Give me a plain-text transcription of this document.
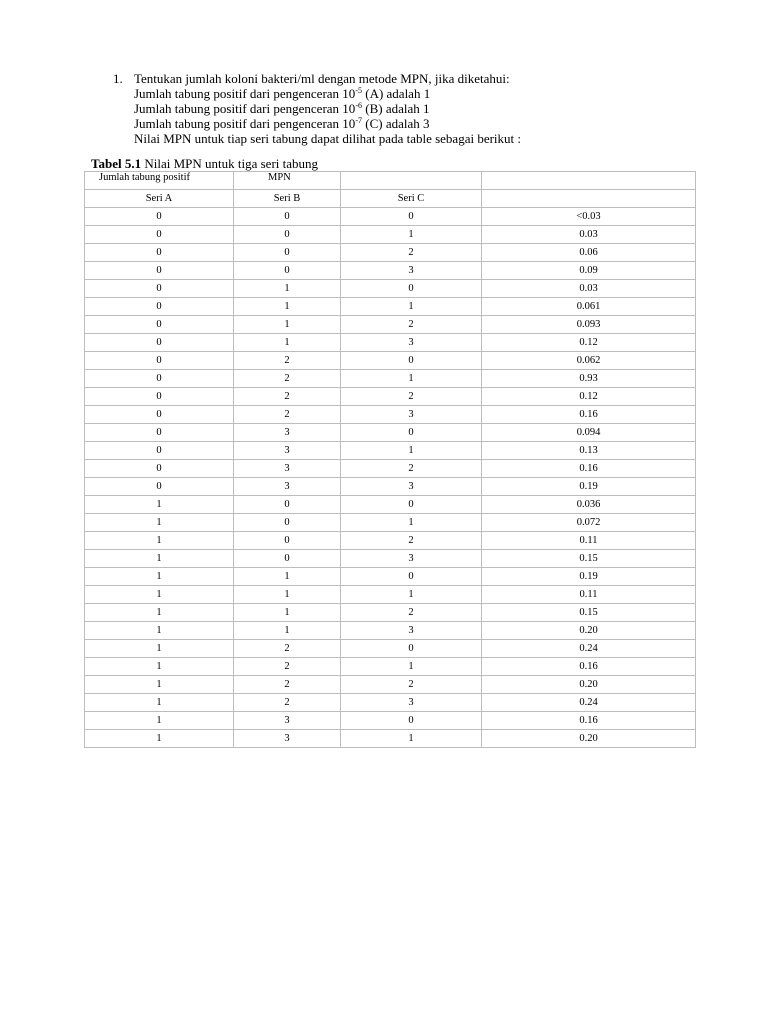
1. Tentukan jumlah koloni bakteri/ml dengan metode MPN, jika diketahui:
Jumlah tabung positif dari pengenceran $10^{-5}$ (A) adalah 1
Jumlah tabung positif dari pengenceran $10^{-6}$ (B) adalah 1
Jumlah tabung positif dari pengenceran $10^{-7}$ (C) adalah 3
Nilai MPN untuk tiap seri tabung dapat dilihat pada table sebagai berikut :
Tabel 5.1 Nilai MPN untuk tiga seri tabung
Jumlah tabung positif	MPN		
Seri A	Seri B	Seri C	
0	0	0	<0.03
0	0	1	0.03
0	0	2	0.06
0	0	3	0.09
0	1	0	0.03
0	1	1	0.061
0	1	2	0.093
0	1	3	0.12
0	2	0	0.062
0	2	1	0.93
0	2	2	0.12
0	2	3	0.16
0	3	0	0.094
0	3	1	0.13
0	3	2	0.16
0	3	3	0.19
1	0	0	0.036
1	0	1	0.072
1	0	2	0.11
1	0	3	0.15
1	1	0	0.19
1	1	1	0.11
1	1	2	0.15
1	1	3	0.20
1	2	0	0.24
1	2	1	0.16
1	2	2	0.20
1	2	3	0.24
1	3	0	0.16
1	3	1	0.20
